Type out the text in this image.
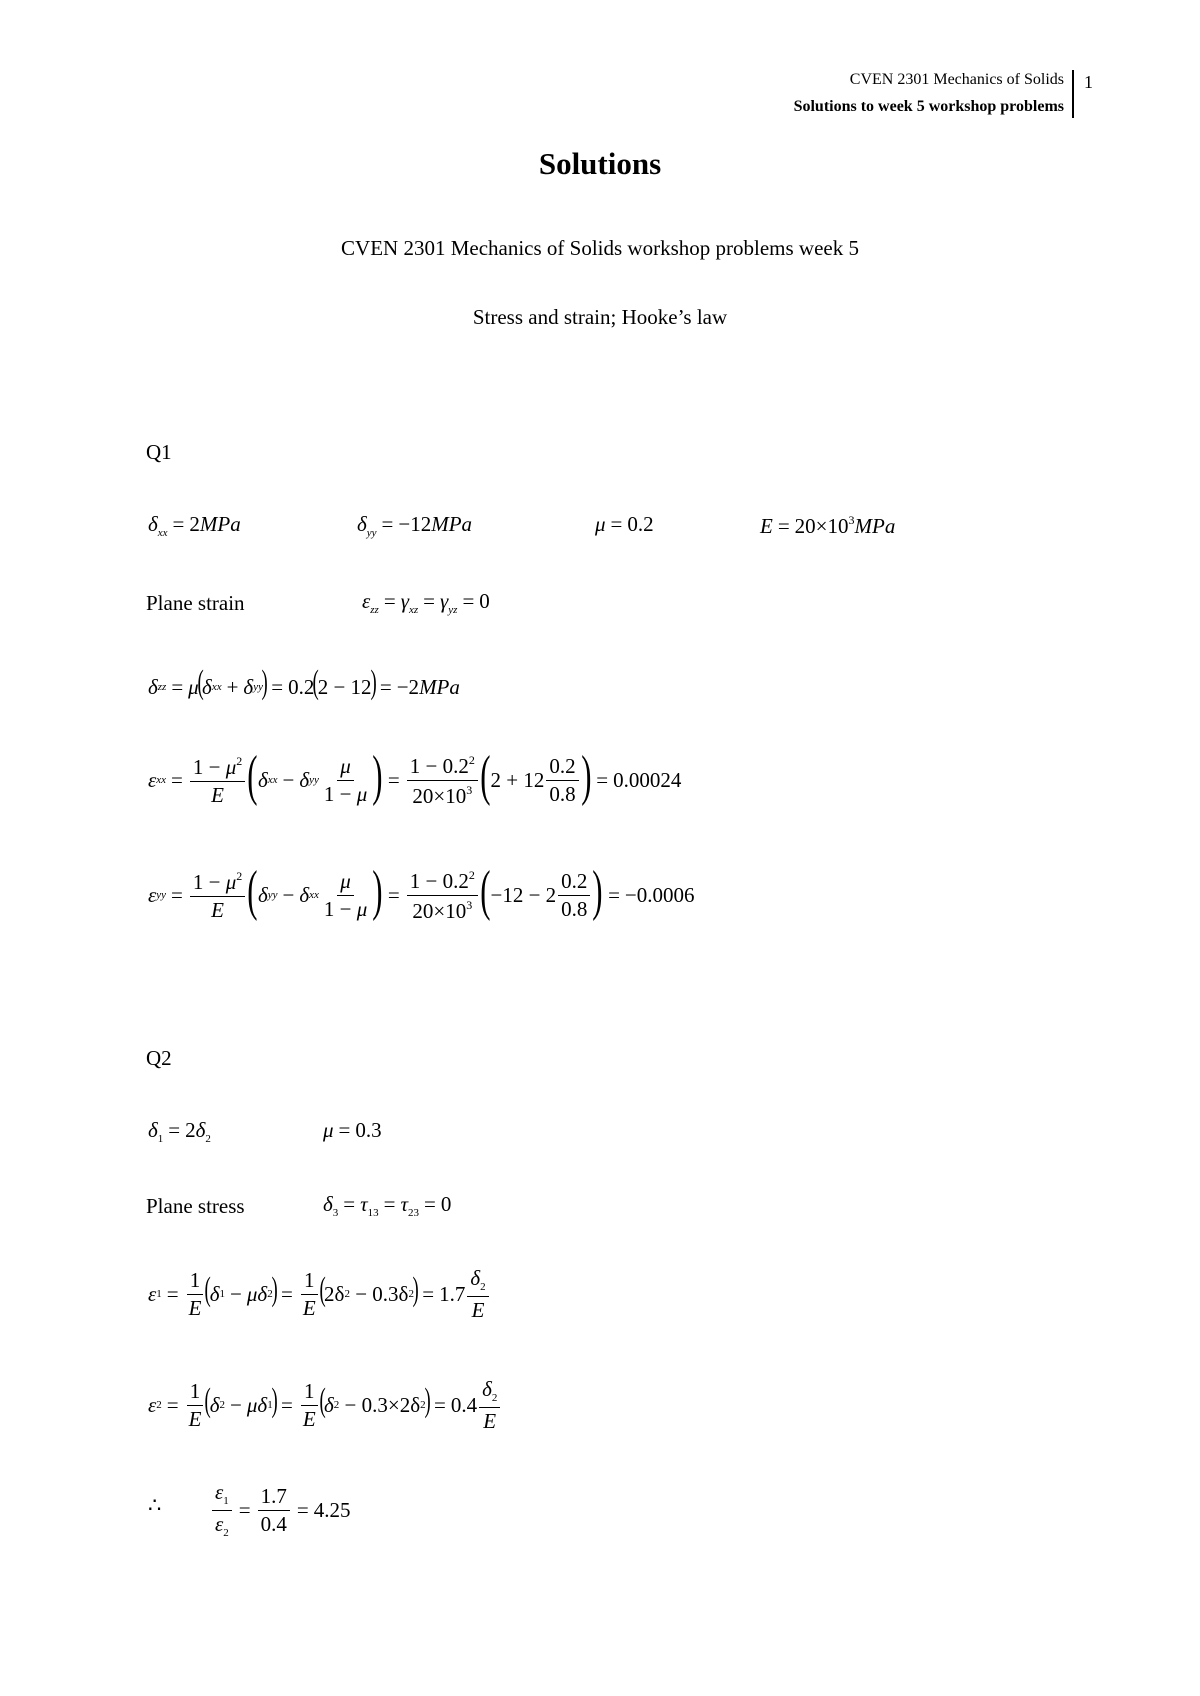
CVEN 2301 Mechanics of Solids
Solutions to week 5 workshop problems
1
Solutions
CVEN 2301 Mechanics of Solids workshop problems week 5
Stress and strain; Hooke’s law
Q1
$\delta_{xx} = 2MPa$	$\delta_{yy} = -12MPa$	μ = 0.2	$E = 20\times 10^3MPa$
Plane strain	$\varepsilon_{zz} = \gamma_{xz} = \gamma_{yz} = 0$
δ zz = μ
(
δ xx + δ yy
) = 0.2
(
2 − 12
) = −2 MPa
ε xx = $\frac{1 - \mu^2}{E}$ ( δ xx − δ yy $\frac{\mu}{1 - \mu}$ ) = $\frac{1 - 0.2^2}{20\times 10^3}$ ( $2 + 12 \frac{0.2}{0.8}$ ) = 0.00024
ε yy = $\frac{1 - \mu^2}{E}$ ( δ yy − δ xx $\frac{\mu}{1 - \mu}$ ) = $\frac{1 - 0.2^2}{20\times 10^3}$ ( $-12 - 2 \frac{0.2}{0.8}$ ) = −0.0006
Q2
$\delta_1 = 2\delta_2$	μ = 0.3
Plane stress	$\delta_3 = \tau_{13} = \tau_{23} = 0$
ε $1 = \frac{1}{E}$ (
δ 1 − μδ 2
) = $\frac{1}{E}$ (
2δ 2
− 0.3δ 2
) = $1.7 \frac{\delta_2}{E}$
ε $2 = \frac{1}{E}$ (
δ 2 − μδ 1
) = $\frac{1}{E}$ (
δ 2
− 0.3×2δ 2
) = $0.4 \frac{\delta_2}{E}$
∴ $\frac{\varepsilon_1}{\varepsilon_2} = \frac{1.7}{0.4} = 4.25$
